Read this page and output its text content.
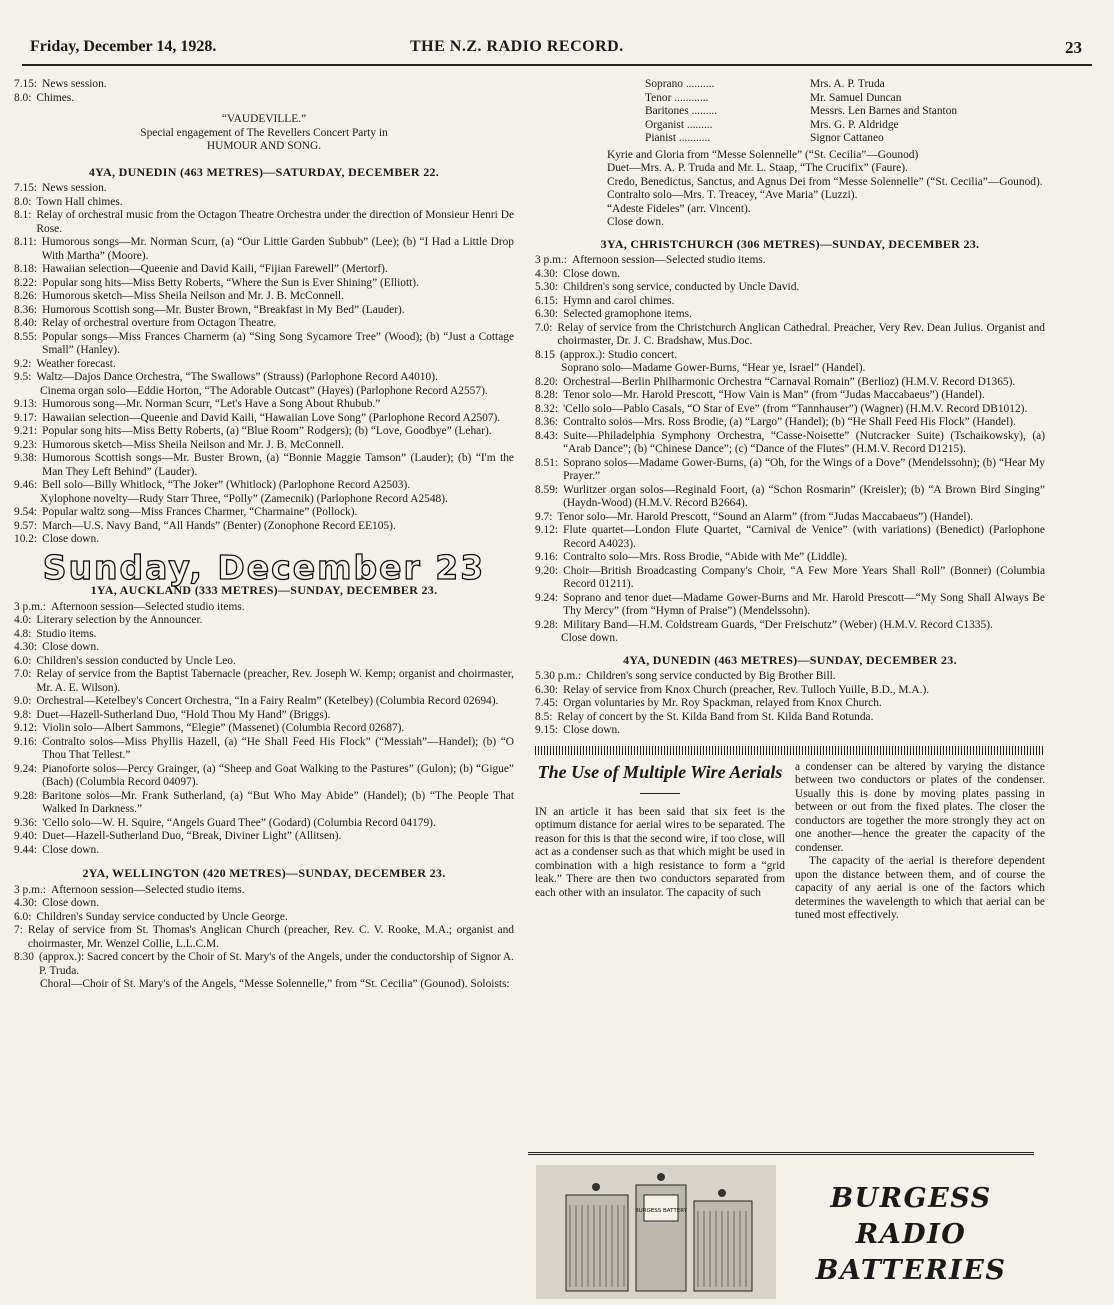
Friday, December 14, 1928.	THE N.Z. RADIO RECORD.	23
7.15: News session.
8.0: Chimes.
“VAUDEVILLE.”
Special engagement of The Revellers Concert Party in
HUMOUR AND SONG.
4YA, DUNEDIN (463 METRES)—SATURDAY, DECEMBER 22.
7.15: News session.
8.0: Town Hall chimes.
8.1: Relay of orchestral music from the Octagon Theatre Orchestra under the direction of Monsieur Henri De Rose.
8.11: Humorous songs—Mr. Norman Scurr, (a) “Our Little Garden Subbub” (Lee); (b) “I Had a Little Drop With Martha” (Moore).
8.18: Hawaiian selection—Queenie and David Kaili, “Fijian Farewell” (Mertorf).
8.22: Popular song hits—Miss Betty Roberts, “Where the Sun is Ever Shining” (Elliott).
8.26: Humorous sketch—Miss Sheila Neilson and Mr. J. B. McConnell.
8.36: Humorous Scottish song—Mr. Buster Brown, “Breakfast in My Bed” (Lauder).
8.40: Relay of orchestral overture from Octagon Theatre.
8.55: Popular songs—Miss Frances Charnerm (a) “Sing Song Sycamore Tree” (Wood); (b) “Just a Cottage Small” (Hanley).
9.2: Weather forecast.
9.5: Waltz—Dajos Dance Orchestra, “The Swallows” (Strauss) (Parlophone Record A4010).
Cinema organ solo—Eddie Horton, “The Adorable Outcast” (Hayes) (Parlophone Record A2557).
9.13: Humorous song—Mr. Norman Scurr, “Let's Have a Song About Rhubub.”
9.17: Hawaiian selection—Queenie and David Kaili, “Hawaiian Love Song” (Parlophone Record A2507).
9.21: Popular song hits—Miss Betty Roberts, (a) “Blue Room” Rodgers); (b) “Love, Goodbye” (Lehar).
9.23: Humorous sketch—Miss Sheila Neilson and Mr. J. B. McConnell.
9.38: Humorous Scottish songs—Mr. Buster Brown, (a) “Bonnie Maggie Tamson” (Lauder); (b) “I'm the Man They Left Behind” (Lauder).
9.46: Bell solo—Billy Whitlock, “The Joker” (Whitlock) (Parlophone Record A2503).
Xylophone novelty—Rudy Starr Three, “Polly” (Zamecnik) (Parlophone Record A2548).
9.54: Popular waltz song—Miss Frances Charmer, “Charmaine” (Pollock).
9.57: March—U.S. Navy Band, “All Hands” (Benter) (Zonophone Record EE105).
10.2: Close down.
Sunday, December 23
1YA, AUCKLAND (333 METRES)—SUNDAY, DECEMBER 23.
3 p.m.: Afternoon session—Selected studio items.
4.0: Literary selection by the Announcer.
4.8: Studio items.
4.30: Close down.
6.0: Children's session conducted by Uncle Leo.
7.0: Relay of service from the Baptist Tabernacle (preacher, Rev. Joseph W. Kemp; organist and choirmaster, Mr. A. E. Wilson).
9.0: Orchestral—Ketelbey's Concert Orchestra, “In a Fairy Realm” (Ketelbey) (Columbia Record 02694).
9.8: Duet—Hazell-Sutherland Duo, “Hold Thou My Hand” (Briggs).
9.12: Violin solo—Albert Sammons, “Elegie” (Massenet) (Columbia Record 02687).
9.16: Contralto solos—Miss Phyllis Hazell, (a) “He Shall Feed His Flock” (“Messiah”—Handel); (b) “O Thou That Tellest.”
9.24: Pianoforte solos—Percy Grainger, (a) “Sheep and Goat Walking to the Pastures” (Gulon); (b) “Gigue” (Bach) (Columbia Record 04097).
9.28: Baritone solos—Mr. Frank Sutherland, (a) “But Who May Abide” (Handel); (b) “The People That Walked In Darkness.”
9.36: 'Cello solo—W. H. Squire, “Angels Guard Thee” (Godard) (Columbia Record 04179).
9.40: Duet—Hazell-Sutherland Duo, “Break, Diviner Light” (Allitsen).
9.44: Close down.
2YA, WELLINGTON (420 METRES)—SUNDAY, DECEMBER 23.
3 p.m.: Afternoon session—Selected studio items.
4.30: Close down.
6.0: Children's Sunday service conducted by Uncle George.
7: Relay of service from St. Thomas's Anglican Church (preacher, Rev. C. V. Rooke, M.A.; organist and choirmaster, Mr. Wenzel Collie, L.L.C.M.
8.30 (approx.): Sacred concert by the Choir of St. Mary's of the Angels, under the conductorship of Signor A. P. Truda.
Choral—Choir of St. Mary's of the Angels, “Messe Solennelle,” from “St. Cecilia” (Gounod). Soloists:
Soprano ..........	Mrs. A. P. Truda
Tenor ............	Mr. Samuel Duncan
Baritones .........	Messrs. Len Barnes and Stanton
Organist .........	Mrs. G. P. Aldridge
Pianist ...........	Signor Cattaneo
Kyrie and Gloria from “Messe Solennelle” (“St. Cecilia”—Gounod)
Duet—Mrs. A. P. Truda and Mr. L. Staap, “The Crucifix” (Faure).
Credo, Benedictus, Sanctus, and Agnus Dei from “Messe Solennelle” (“St. Cecilia”—Gounod).
Contralto solo—Mrs. T. Treacey, “Ave Maria” (Luzzi).
“Adeste Fideles” (arr. Vincent).
Close down.
3YA, CHRISTCHURCH (306 METRES)—SUNDAY, DECEMBER 23.
3 p.m.: Afternoon session—Selected studio items.
4.30: Close down.
5.30: Children's song service, conducted by Uncle David.
6.15: Hymn and carol chimes.
6.30: Selected gramophone items.
7.0: Relay of service from the Christchurch Anglican Cathedral. Preacher, Very Rev. Dean Julius. Organist and choirmaster, Dr. J. C. Bradshaw, Mus.Doc.
8.15 (approx.): Studio concert.
Soprano solo—Madame Gower-Burns, “Hear ye, Israel” (Handel).
8.20: Orchestral—Berlin Philharmonic Orchestra “Carnaval Romain” (Berlioz) (H.M.V. Record D1365).
8.28: Tenor solo—Mr. Harold Prescott, “How Vain is Man” (from “Judas Maccabaeus”) (Handel).
8.32: 'Cello solo—Pablo Casals, “O Star of Eve” (from “Tannhauser”) (Wagner) (H.M.V. Record DB1012).
8.36: Contralto solos—Mrs. Ross Brodie, (a) “Largo” (Handel); (b) “He Shall Feed His Flock” (Handel).
8.43: Suite—Philadelphia Symphony Orchestra, “Casse-Noisette” (Nutcracker Suite) (Tschaikowsky), (a) “Arab Dance”; (b) “Chinese Dance”; (c) “Dance of the Flutes” (H.M.V. Record D1215).
8.51: Soprano solos—Madame Gower-Burns, (a) “Oh, for the Wings of a Dove” (Mendelssohn); (b) “Hear My Prayer.”
8.59: Wurlitzer organ solos—Reginald Foort, (a) “Schon Rosmarin” (Kreisler); (b) “A Brown Bird Singing” (Haydn-Wood) (H.M.V. Record B2664).
9.7: Tenor solo—Mr. Harold Prescott, “Sound an Alarm” (from “Judas Maccabaeus”) (Handel).
9.12: Flute quartet—London Flute Quartet, “Carnival de Venice” (with variations) (Benedict) (Parlophone Record A4023).
9.16: Contralto solo—Mrs. Ross Brodie, “Abide with Me” (Liddle).
9.20: Choir—British Broadcasting Company's Choir, “A Few More Years Shall Roll” (Bonner) (Columbia Record 01211).
9.24: Soprano and tenor duet—Madame Gower-Burns and Mr. Harold Prescott—“My Song Shall Always Be Thy Mercy” (from “Hymn of Praise”) (Mendelssohn).
9.28: Military Band—H.M. Coldstream Guards, “Der Freischutz” (Weber) (H.M.V. Record C1335).
Close down.
4YA, DUNEDIN (463 METRES)—SUNDAY, DECEMBER 23.
5.30 p.m.: Children's song service conducted by Big Brother Bill.
6.30: Relay of service from Knox Church (preacher, Rev. Tulloch Yuille, B.D., M.A.).
7.45: Organ voluntaries by Mr. Roy Spackman, relayed from Knox Church.
8.5: Relay of concert by the St. Kilda Band from St. Kilda Band Rotunda.
9.15: Close down.
The Use of Multiple Wire Aerials
IN an article it has been said that six feet is the optimum distance for aerial wires to be separated. The reason for this is that the second wire, if too close, will act as a condenser such as that which might be used in combination with a high resistance to form a “grid leak.” There are then two conductors separated from each other with an insulator. The capacity of such
a condenser can be altered by varying the distance between two conductors or plates of the condenser. Usually this is done by moving plates passing in between or out from the fixed plates. The closer the conductors are together the more strongly they act on one another—hence the greater the capacity of the condenser.
The capacity of the aerial is therefore dependent upon the distance between them, and of course the capacity of any aerial is one of the factors which determines the wavelength to which that aerial can be tuned most effectively.
BURGESS BATTERY	BURGESS
RADIO
BATTERIES
